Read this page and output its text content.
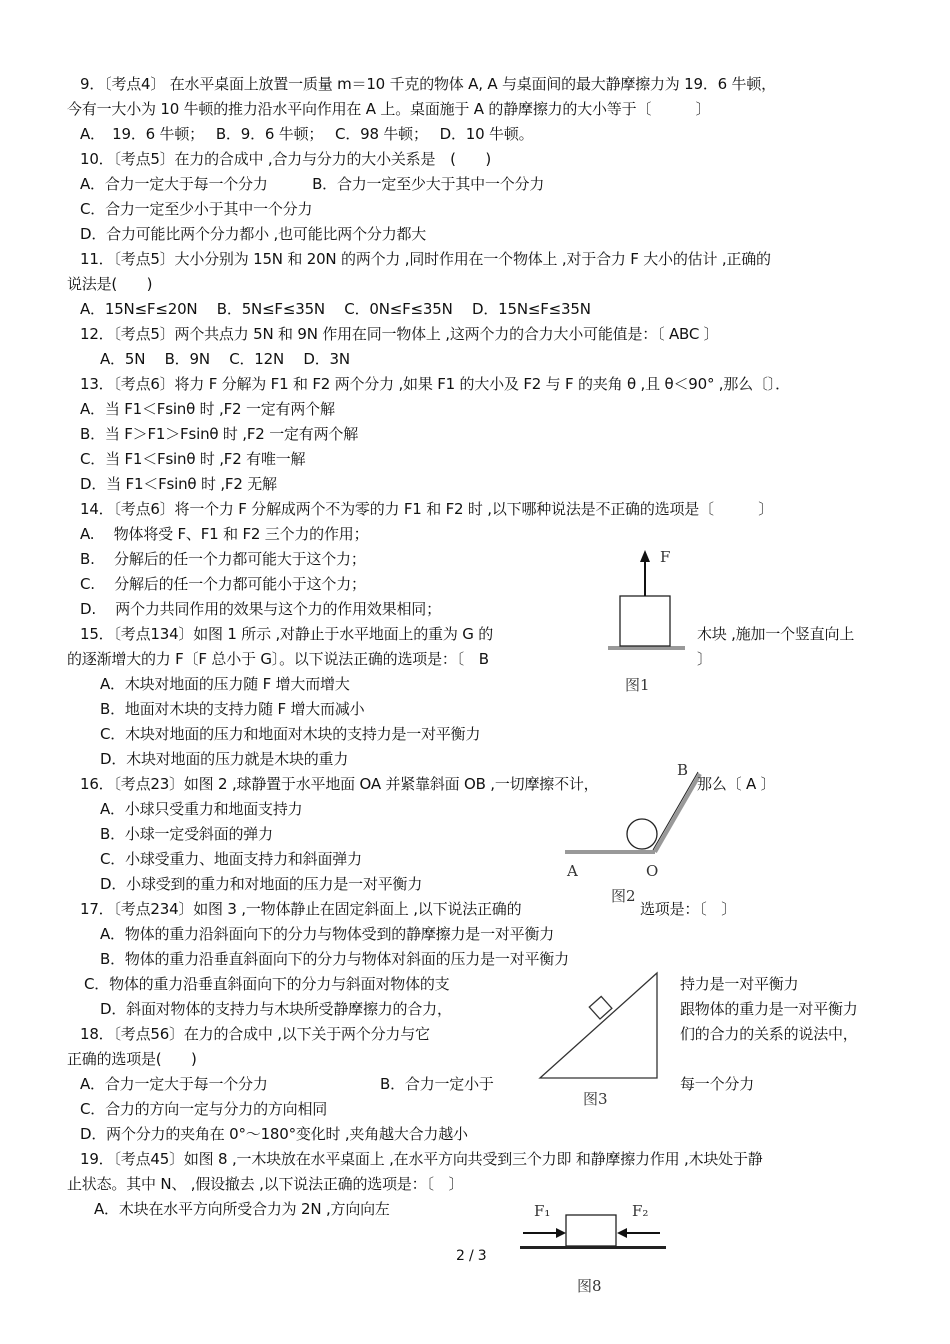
F
图1
B
A	O
图2
图3
F₁	F₂
图8
2 / 3
9．〔考点4〕 在水平桌面上放置一质量 m＝10 千克的物体 A, A 与桌面间的最大静摩擦力为 19．6 牛顿，
今有一大小为 10 牛顿的推力沿水平向作用在 A 上。桌面施于 A 的静摩擦力的大小等于〔　　　〕
A．　19．6 牛顿；　 B．9．6 牛顿；　 C．98 牛顿；　 D．10 牛顿。
10．〔考点5〕在力的合成中 ,合力与分力的大小关系是　(　　)
A．合力一定大于每一个分力　　　B．合力一定至少大于其中一个分力
C．合力一定至少小于其中一个分力
D．合力可能比两个分力都小 ,也可能比两个分力都大
11．〔考点5〕大小分别为 15N 和 20N 的两个力 ,同时作用在一个物体上 ,对于合力 F 大小的估计 ,正确的
说法是(　　)
A．15N≤F≤20N　 B．5N≤F≤35N　 C．0N≤F≤35N　 D．15N≤F≤35N
12．〔考点5〕两个共点力 5N 和 9N 作用在同一物体上 ,这两个力的合力大小可能值是：〔 ABC 〕
A．5N　 B．9N　 C．12N　 D．3N
13．〔考点6〕将力 F 分解为 F1 和 F2 两个分力 ,如果 F1 的大小及 F2 与 F 的夹角 θ ,且 θ＜90° ,那么〔〕．
A．当 F1＜Fsinθ 时 ,F2 一定有两个解
B．当 F＞F1＞Fsinθ 时 ,F2 一定有两个解
C．当 F1＜Fsinθ 时 ,F2 有唯一解
D．当 F1＜Fsinθ 时 ,F2 无解
14．〔考点6〕将一个力 F 分解成两个不为零的力 F1 和 F2 时 ,以下哪种说法是不正确的选项是〔　　　〕
A.　 物体将受 F、F1 和 F2 三个力的作用；
B.　 分解后的任一个力都可能大于这个力；
C.　 分解后的任一个力都可能小于这个力；
D.　 两个力共同作用的效果与这个力的作用效果相同；
15．〔考点134〕如图 1 所示 ,对静止于水平地面上的重为 G 的	木块 ,施加一个竖直向上
的逐渐增大的力 F〔F 总小于 G〕。以下说法正确的选项是：〔　B	〕
A．木块对地面的压力随 F 增大而增大
B．地面对木块的支持力随 F 增大而减小
C．木块对地面的压力和地面对木块的支持力是一对平衡力
D．木块对地面的压力就是木块的重力
16．〔考点23〕如图 2 ,球静置于水平地面 OA 并紧靠斜面 OB ,一切摩擦不计，	那么〔 A 〕
A．小球只受重力和地面支持力
B．小球一定受斜面的弹力
C．小球受重力、地面支持力和斜面弹力
D．小球受到的重力和对地面的压力是一对平衡力
17．〔考点234〕如图 3 ,一物体静止在固定斜面上 ,以下说法正确的	选项是：〔　〕
A．物体的重力沿斜面向下的分力与物体受到的静摩擦力是一对平衡力
B．物体的重力沿垂直斜面向下的分力与物体对斜面的压力是一对平衡力
C．物体的重力沿垂直斜面向下的分力与斜面对物体的支	持力是一对平衡力
D．斜面对物体的支持力与木块所受静摩擦力的合力，	跟物体的重力是一对平衡力
18．〔考点56〕在力的合成中 ,以下关于两个分力与它	们的合力的关系的说法中，
正确的选项是(　　)
A．合力一定大于每一个分力	B．合力一定小于	每一个分力
C．合力的方向一定与分力的方向相同
D．两个分力的夹角在 0°～180°变化时 ,夹角越大合力越小
19．〔考点45〕如图 8 ,一木块放在水平桌面上 ,在水平方向共受到三个力即 和静摩擦力作用 ,木块处于静
止状态。其中 N、 ,假设撤去 ,以下说法正确的选项是：〔　〕
A．木块在水平方向所受合力为 2N ,方向向左
